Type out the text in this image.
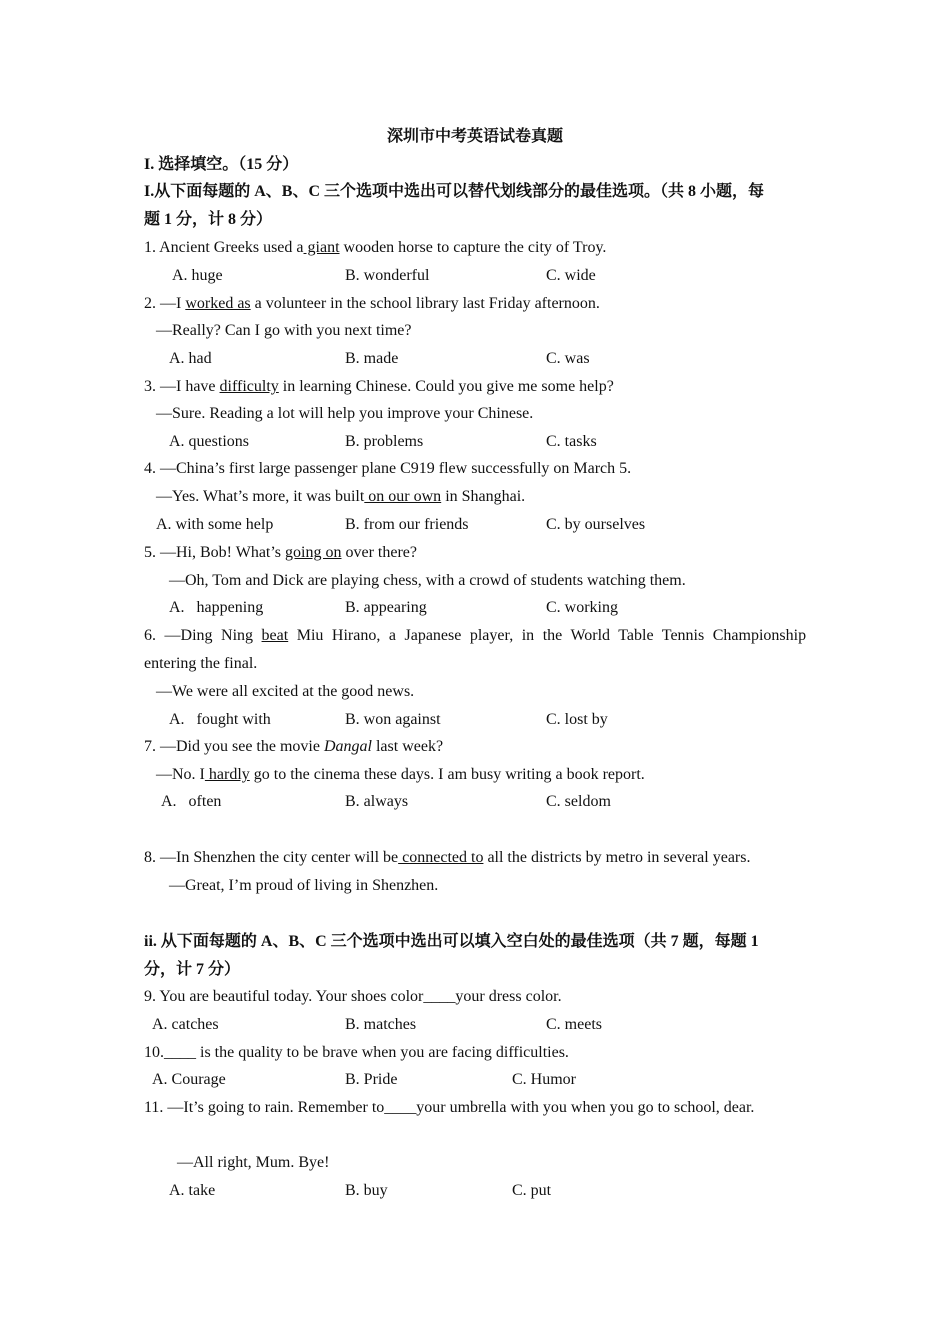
深圳市中考英语试卷真题
I. 选择填空。（15 分）
I.从下面每题的 A、B、C 三个选项中选出可以替代划线部分的最佳选项。（共 8 小题，每
题 1 分，计 8 分）
1. Ancient Greeks used a giant wooden horse to capture the city of Troy.
A. huge	B. wonderful	C. wide
2. —I worked as a volunteer in the school library last Friday afternoon.
—Really? Can I go with you next time?
A. had	B. made	C. was
3. —I have difficulty in learning Chinese. Could you give me some help?
—Sure. Reading a lot will help you improve your Chinese.
A. questions	B. problems	C. tasks
4. —China’s first large passenger plane C919 flew successfully on March 5.
—Yes. What’s more, it was built on our own in Shanghai.
A. with some help	B. from our friends	C. by ourselves
5. —Hi, Bob! What’s going on over there?
—Oh, Tom and Dick are playing chess, with a crowd of students watching them.
A.   happening	B. appearing	C. working
6. —Ding Ning beat Miu Hirano, a Japanese player, in the World Table Tennis Championship
entering the final.
—We were all excited at the good news.
A.   fought with	B. won against	C. lost by
7. —Did you see the movie Dangal last week?
—No. I hardly go to the cinema these days. I am busy writing a book report.
A.   often	B. always	C. seldom
8. —In Shenzhen the city center will be connected to all the districts by metro in several years.
—Great, I’m proud of living in Shenzhen.
ii. 从下面每题的 A、B、C 三个选项中选出可以填入空白处的最佳选项（共 7 题，每题 1
分，计 7 分）
9. You are beautiful today. Your shoes color____your dress color.
A. catches	B. matches	C. meets
10.____ is the quality to be brave when you are facing difficulties.
A. Courage	B. Pride	C. Humor
11. —It’s going to rain. Remember to____your umbrella with you when you go to school, dear.
—All right, Mum. Bye!
A. take	B. buy	C. put
